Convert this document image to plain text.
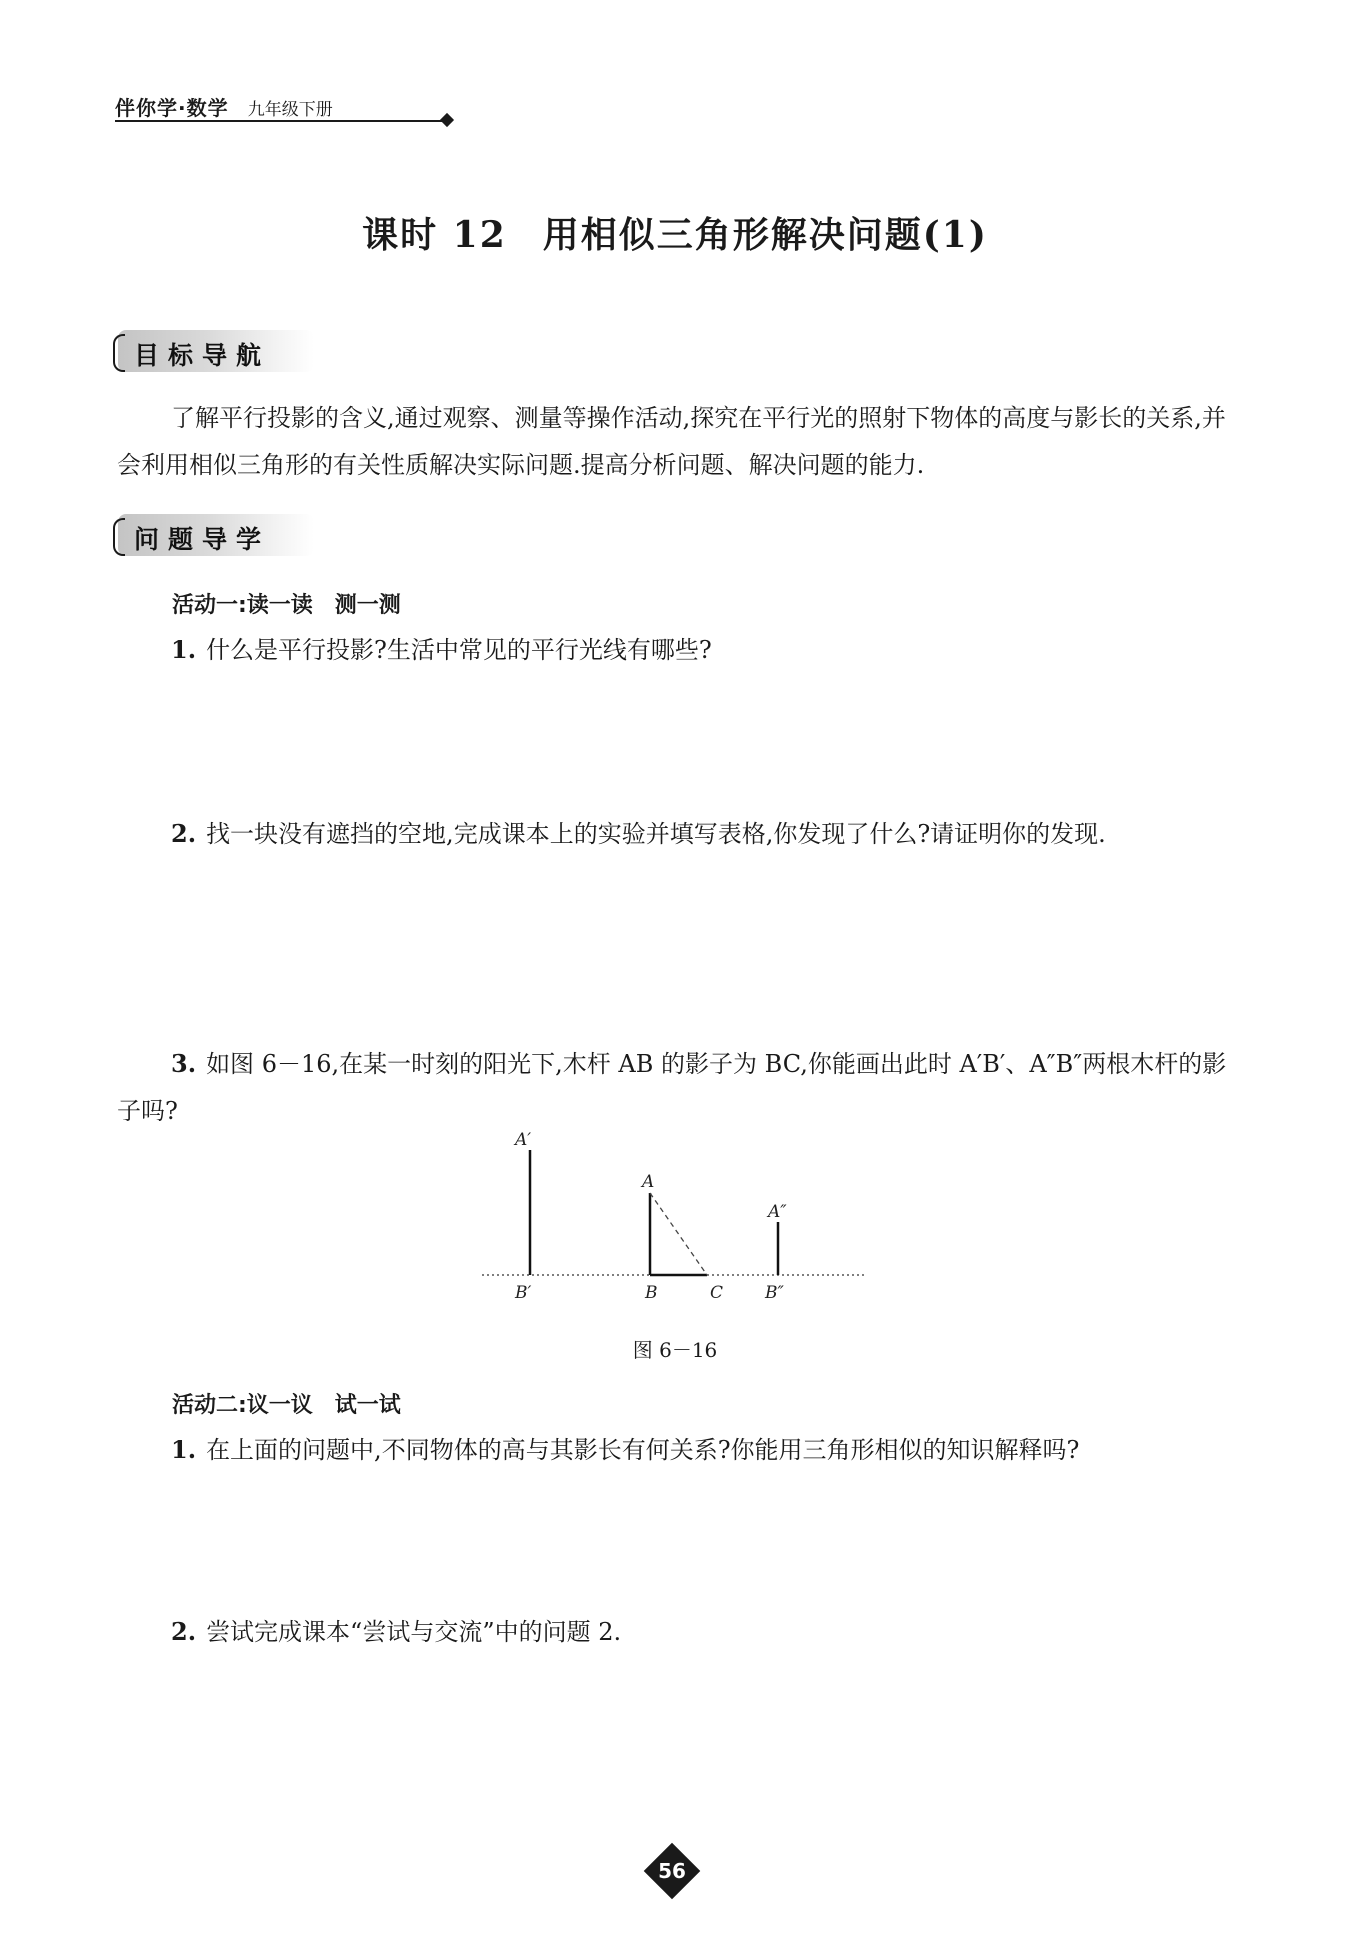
伴你学·数学 九年级下册
课时 12 用相似三角形解决问题(1)
目标导航
了解平行投影的含义,通过观察、测量等操作活动,探究在平行光的照射下物体的高度与影长的关系,并会利用相似三角形的有关性质解决实际问题.提高分析问题、解决问题的能力.
问题导学
活动一:读一读　测一测
1. 什么是平行投影?生活中常见的平行光线有哪些?
2. 找一块没有遮挡的空地,完成课本上的实验并填写表格,你发现了什么?请证明你的发现.
3. 如图 6－16,在某一时刻的阳光下,木杆 AB 的影子为 BC,你能画出此时 A′B′、A″B″两根木杆的影子吗?
A′
B′
A
B	C
A″
B″
图 6－16
活动二:议一议　试一试
1. 在上面的问题中,不同物体的高与其影长有何关系?你能用三角形相似的知识解释吗?
2. 尝试完成课本“尝试与交流”中的问题 2.
56
